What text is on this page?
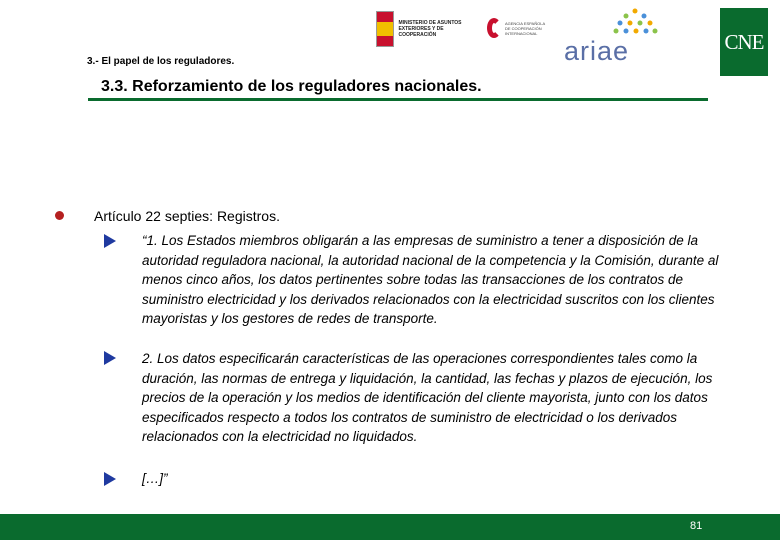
MINISTERIO DE ASUNTOS EXTERIORES Y DE COOPERACIÓN
AGENCIA ESPAÑOLA DE COOPERACIÓN INTERNACIONAL
ariae	CNE
3.- El papel de los reguladores.
3.3. Reforzamiento de los reguladores nacionales.
Artículo 22 septies: Registros.
“1. Los Estados miembros obligarán a las empresas de suministro a tener a disposición de la autoridad reguladora nacional, la autoridad nacional de la competencia y la Comisión, durante al menos cinco años, los datos pertinentes sobre todas las transacciones de los contratos de suministro electricidad y los derivados relacionados con la electricidad suscritos con los clientes mayoristas y los gestores de redes de transporte.
2. Los datos especificarán características de las operaciones correspondientes tales como la duración, las normas de entrega y liquidación, la cantidad, las fechas y plazos de ejecución, los precios de la operación y los medios de identificación del cliente mayorista, junto con los datos especificados respecto a todos los contratos de suministro de electricidad o los derivados relacionados con la electricidad no liquidados.
[…]”
81
